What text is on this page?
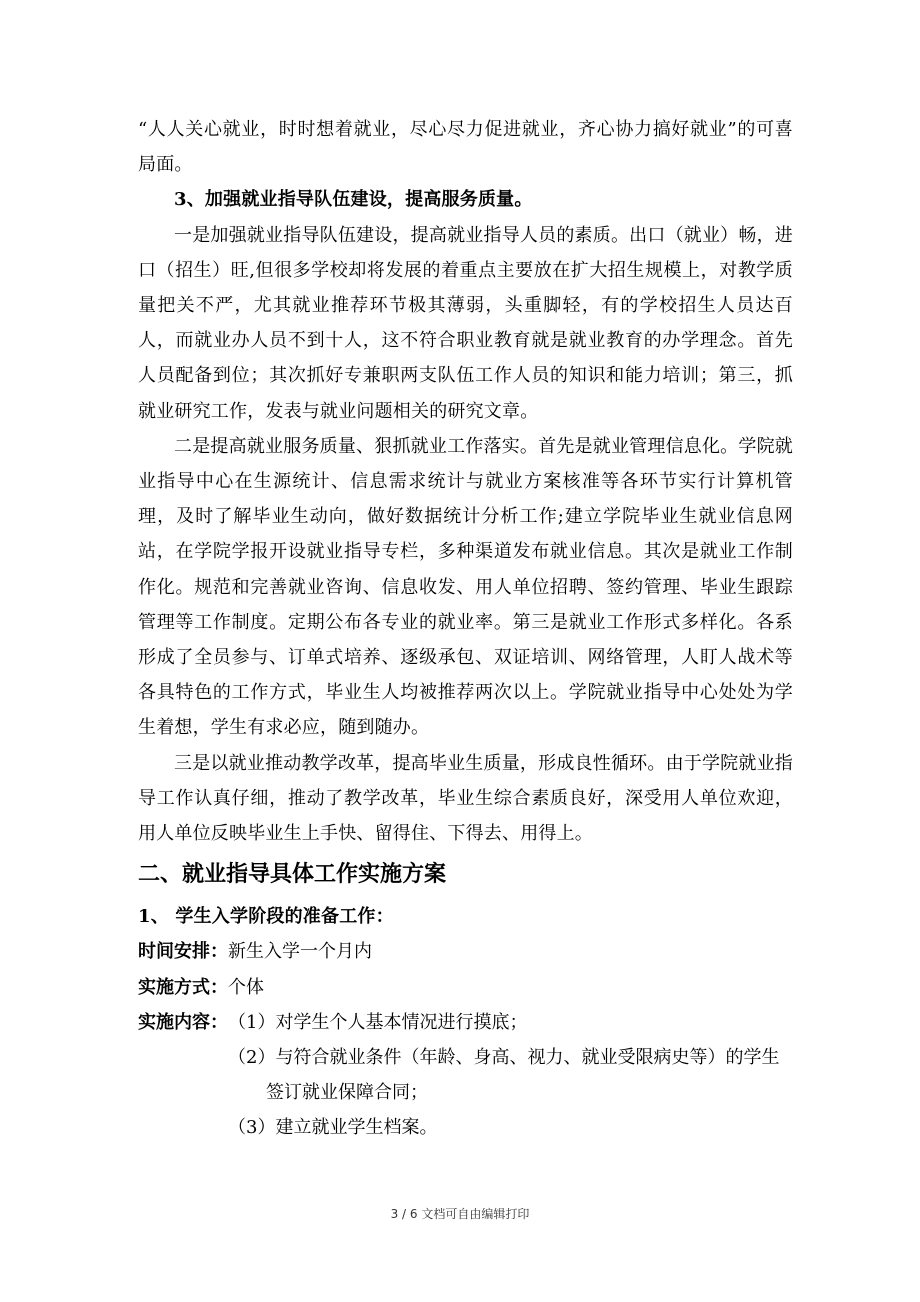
“人人关心就业，时时想着就业，尽心尽力促进就业，齐心协力搞好就业”的可喜局面。

3、加强就业指导队伍建设，提高服务质量。

一是加强就业指导队伍建设，提高就业指导人员的素质。出口（就业）畅，进口（招生）旺,但很多学校却将发展的着重点主要放在扩大招生规模上，对教学质量把关不严，尤其就业推荐环节极其薄弱，头重脚轻，有的学校招生人员达百人，而就业办人员不到十人，这不符合职业教育就是就业教育的办学理念。首先人员配备到位；其次抓好专兼职两支队伍工作人员的知识和能力培训；第三，抓就业研究工作，发表与就业问题相关的研究文章。

二是提高就业服务质量、狠抓就业工作落实。首先是就业管理信息化。学院就业指导中心在生源统计、信息需求统计与就业方案核准等各环节实行计算机管理，及时了解毕业生动向，做好数据统计分析工作;建立学院毕业生就业信息网站，在学院学报开设就业指导专栏，多种渠道发布就业信息。其次是就业工作制作化。规范和完善就业咨询、信息收发、用人单位招聘、签约管理、毕业生跟踪管理等工作制度。定期公布各专业的就业率。第三是就业工作形式多样化。各系形成了全员参与、订单式培养、逐级承包、双证培训、网络管理，人盯人战术等各具特色的工作方式，毕业生人均被推荐两次以上。学院就业指导中心处处为学生着想，学生有求必应，随到随办。

三是以就业推动教学改革，提高毕业生质量，形成良性循环。由于学院就业指导工作认真仔细，推动了教学改革，毕业生综合素质良好，深受用人单位欢迎，用人单位反映毕业生上手快、留得住、下得去、用得上。

二、就业指导具体工作实施方案

1、 学生入学阶段的准备工作：

时间安排： 新生入学一个月内
实施方式： 个体
实施内容： （1） 对学生个人基本情况进行摸底；
（2） 与符合就业条件（年龄、身高、视力、就业受限病史等）的学生
签订就业保障合同；
（3） 建立就业学生档案。
3 / 6 文档可自由编辑打印
